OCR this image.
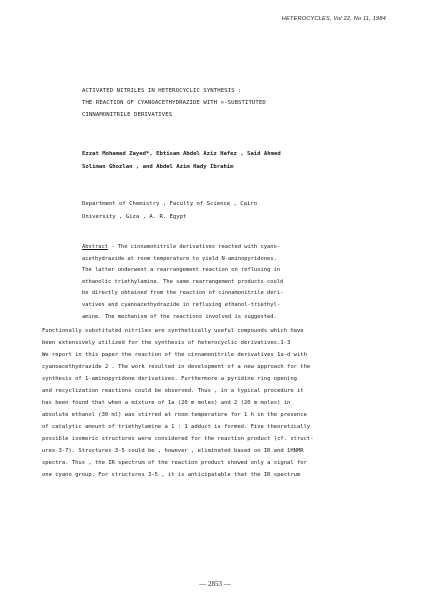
HETEROCYCLES, Vol 22, No 11, 1984
ACTIVATED NITRILES IN HETEROCYCLIC SYNTHESIS :
THE REACTION OF CYANOACETHYDRAZIDE WITH ∝-SUBSTITUTED
CINNAMONITRILE DERIVATIVES
Ezzat Mohamed Zayed*, Ebtisam Abdel Aziz Hafez , Said Ahmed
Soliman Ghozlan , and Abdel Azim Hady Ibrahim
Department of Chemistry , Faculty of Science , Cairo
University , Giza , A. R. Egypt
Abstract - The cinnamonitrile derivatives reacted with cyano-
acethydrazide at room temperature to yield N-aminopyridones.
The latter underwent a rearrangement reaction on refluxing in
ethanolic triethylamine. The same rearrangement products could
be directly obtained from the reaction of cinnamonitrile deri-
vatives and cyanoacethydrazide in refluxing ethanol-triethyl-
amine. The mechanism of the reactions involved is suggested.
Functionally substituted nitriles are synthetically useful compounds which have
been extensively utilized for the synthesis of heterocyclic derivatives.1-3
We report in this paper the reaction of the cinnamonitrile derivatives 1a-d with
cyanoacethydrazide 2 . The work resulted in development of a new approach for the
synthesis of 1-aminopyridone derivatives. Furthermore a pyridine ring opening
and recyclization reactions could be observed. Thus , in a typical procedure it
has been found that when a mixture of 1a (20 m moles) and 2 (20 m moles) in
absolute ethanol (30 ml) was stirred at room temperature for 1 h in the presence
of catalytic amount of triethylamine a 1 : 1 adduct is formed. Five theoretically
possible isomeric structures were considered for the reaction product (cf. struct-
ures 3-7). Structures 3-5 could be , however , eliminated based on IR and 1HNMR
spectra. Thus , the IR spectrum of the reaction product showed only a signal for
one cyano group. For structures 3-5 , it is anticipatable that the IR spectrum
— 2853 —
